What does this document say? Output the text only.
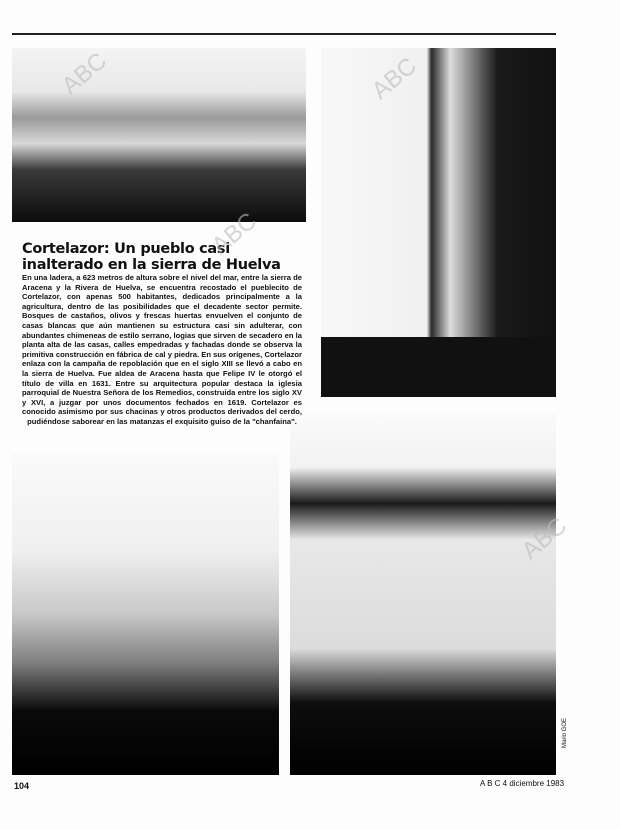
Cortelazor: Un pueblo casi inalterado en la sierra de Huelva
En una ladera, a 623 metros de altura sobre el nivel del mar, entre la sierra de Aracena y la Rivera de Huelva, se encuentra recostado el pueblecito de Cortelazor, con apenas 500 habitantes, dedicados principalmente a la agricultura, dentro de las posibilidades que el decadente sector permite. Bosques de castaños, olivos y frescas huertas envuelven el conjunto de casas blancas que aún mantienen su estructura casi sin adulterar, con abundantes chimeneas de estilo serrano, logias que sirven de secadero en la planta alta de las casas, calles empedradas y fachadas donde se observa la primitiva construcción en fábrica de cal y piedra. En sus orígenes, Cortelazor enlaza con la campaña de repoblación que en el siglo XIII se llevó a cabo en la sierra de Huelva. Fue aldea de Aracena hasta que Felipe IV le otorgó el título de villa en 1631. Entre su arquitectura popular destaca la iglesia parroquial de Nuestra Señora de los Remedios, construida entre los siglo XV y XVI, a juzgar por unos documentos fechados en 1619. Cortelazor es conocido asimismo por sus chacinas y otros productos derivados del cerdo, pudiéndose saborear en las matanzas el exquisito guiso de la "chanfaina".
104	A B C 4 diciembre 1983
Mario GOE
ABC	ABC
ABC
ABC
